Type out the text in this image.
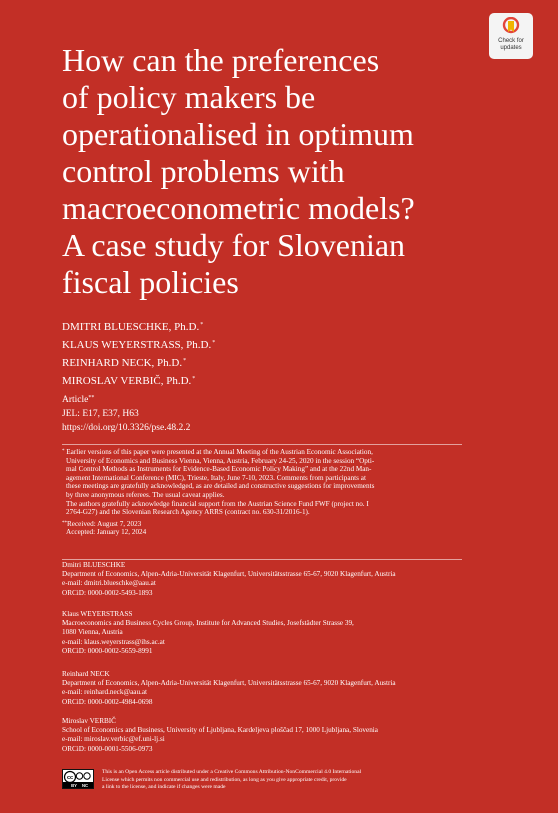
Check for
updates
How can the preferences
of policy makers be
operationalised in optimum
control problems with
macroeconometric models?
A case study for Slovenian
fiscal policies
DMITRI BLUESCHKE, Ph.D.*
KLAUS WEYERSTRASS, Ph.D.*
REINHARD NECK, Ph.D.*
MIROSLAV VERBIČ, Ph.D.*
Article**
JEL: E17, E37, H63
https://doi.org/10.3326/pse.48.2.2

* Earlier versions of this paper were presented at the Annual Meeting of the Austrian Economic Association,

University of Economics and Business Vienna, Vienna, Austria, February 24-25, 2020 in the session “Opti-

mal Control Methods as Instruments for Evidence-Based Economic Policy Making” and at the 22nd Man-

agement International Conference (MIC), Trieste, Italy, June 7-10, 2023. Comments from participants at

these meetings are gratefully acknowledged, as are detailed and constructive suggestions for improvements

by three anonymous referees. The usual caveat applies.

The authors gratefully acknowledge financial support from the Austrian Science Fund FWF (project no. I

2764-G27) and the Slovenian Research Agency ARRS (contract no. 630-31/2016-1).

**Received: August 7, 2023

Accepted: January 12, 2024

Dmitri BLUESCHKE
Department of Economics, Alpen-Adria-Universität Klagenfurt, Universitätsstrasse 65-67, 9020 Klagenfurt, Austria
e-mail: dmitri.blueschke@aau.at
ORCiD: 0000-0002-5493-1893
Klaus WEYERSTRASS
Macroeconomics and Business Cycles Group, Institute for Advanced Studies, Josefstädter Strasse 39,
1080 Vienna, Austria
e-mail: klaus.weyerstrass@ihs.ac.at
ORCiD: 0000-0002-5659-8991
Reinhard NECK
Department of Economics, Alpen-Adria-Universität Klagenfurt, Universitätsstrasse 65-67, 9020 Klagenfurt, Austria
e-mail: reinhard.neck@aau.at
ORCiD: 0000-0002-4984-0698
Miroslav VERBIČ
School of Economics and Business, University of Ljubljana, Kardeljeva ploščad 17, 1000 Ljubljana, Slovenia
e-mail: miroslav.verbic@ef.uni-lj.si
ORCiD: 0000-0001-5506-0973
cc
BY NC
This is an Open Access article distributed under a Creative Commons Attribution-NonCommercial 4.0 International
License which permits non commercial use and redistribution, as long as you give appropriate credit, provide
a link to the license, and indicate if changes were made
